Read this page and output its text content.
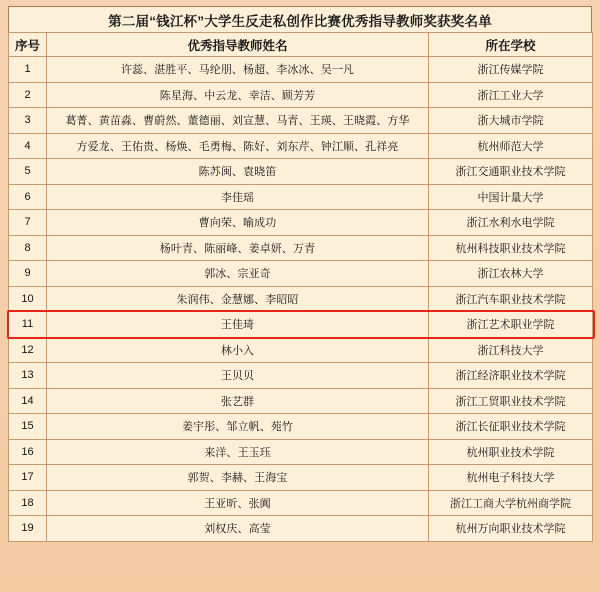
第二届“钱江杯”大学生反走私创作比赛优秀指导教师奖获奖名单
序号	优秀指导教师姓名	所在学校
1	许蕊、湛胜平、马纶朋、杨超、李冰冰、吴一凡	浙江传媒学院
2	陈星海、中云龙、幸洁、顾芳芳	浙江工业大学
3	葛菁、黄苗淼、曹蔚然、董德丽、刘宣慧、马青、王瑛、王晓霞、方华	浙大城市学院
4	方爱龙、王佑贵、杨焕、毛勇梅、陈好、刘东芹、钟江顺、孔祥亮	杭州师范大学
5	陈苏闽、袁晓笛	浙江交通职业技术学院
6	李佳瑶	中国计量大学
7	曹向荣、喻成功	浙江水利水电学院
8	杨叶青、陈丽峰、姜卓妍、万青	杭州科技职业技术学院
9	郭冰、宗亚奇	浙江农林大学
10	朱润伟、金慧娜、李昭昭	浙江汽车职业技术学院
11	王佳琦	浙江艺术职业学院
12	林小入	浙江科技大学
13	王贝贝	浙江经济职业技术学院
14	张艺群	浙江工贸职业技术学院
15	姜宇彤、邹立帆、苑竹	浙江长征职业技术学院
16	来洋、王玉珏	杭州职业技术学院
17	郭贺、李赫、王海宝	杭州电子科技大学
18	王亚昕、张阗	浙江工商大学杭州商学院
19	刘权庆、高莹	杭州万向职业技术学院
